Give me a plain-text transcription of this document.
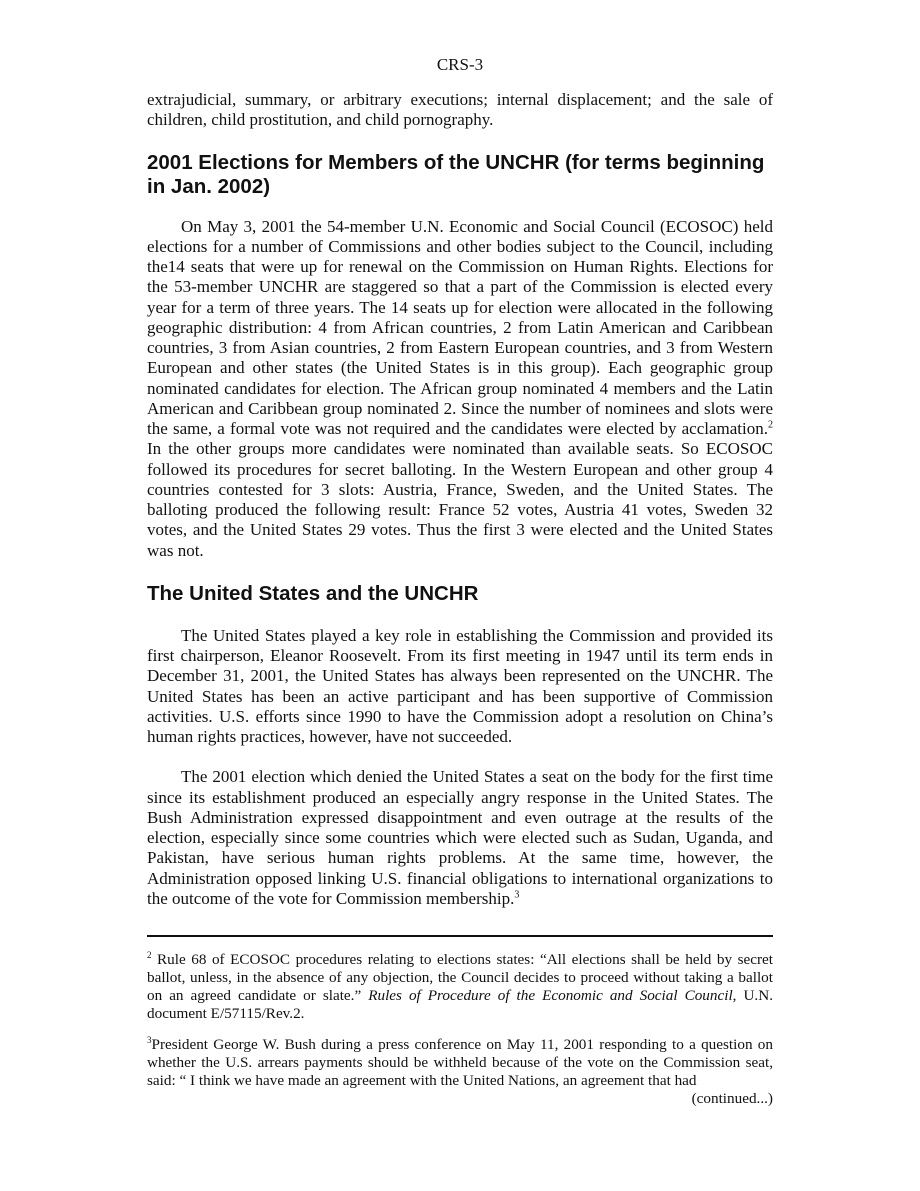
CRS-3

extrajudicial, summary, or arbitrary executions; internal displacement; and the sale of children, child prostitution, and child pornography.

2001 Elections for Members of the UNCHR (for terms beginning in Jan. 2002)

On May 3, 2001 the 54-member U.N. Economic and Social Council (ECOSOC) held elections for a number of Commissions and other bodies subject to the Council, including the14 seats that were up for renewal on the Commission on Human Rights. Elections for the 53-member UNCHR are staggered so that a part of the Commission is elected every year for a term of three years. The 14 seats up for election were allocated in the following geographic distribution: 4 from African countries, 2 from Latin American and Caribbean countries, 3 from Asian countries, 2 from Eastern European countries, and 3 from Western European and other states (the United States is in this group). Each geographic group nominated candidates for election. The African group nominated 4 members and the Latin American and Caribbean group nominated 2. Since the number of nominees and slots were the same, a formal vote was not required and the candidates were elected by acclamation.$^2$ In the other groups more candidates were nominated than available seats. So ECOSOC followed its procedures for secret balloting. In the Western European and other group 4 countries contested for 3 slots: Austria, France, Sweden, and the United States. The balloting produced the following result: France 52 votes, Austria 41 votes, Sweden 32 votes, and the United States 29 votes. Thus the first 3 were elected and the United States was not.

The United States and the UNCHR

The United States played a key role in establishing the Commission and provided its first chairperson, Eleanor Roosevelt. From its first meeting in 1947 until its term ends in December 31, 2001, the United States has always been represented on the UNCHR. The United States has been an active participant and has been supportive of Commission activities. U.S. efforts since 1990 to have the Commission adopt a resolution on China’s human rights practices, however, have not succeeded.

The 2001 election which denied the United States a seat on the body for the first time since its establishment produced an especially angry response in the United States. The Bush Administration expressed disappointment and even outrage at the results of the election, especially since some countries which were elected such as Sudan, Uganda, and Pakistan, have serious human rights problems. At the same time, however, the Administration opposed linking U.S. financial obligations to international organizations to the outcome of the vote for Commission membership.$^3$

$^2$ Rule 68 of ECOSOC procedures relating to elections states: “All elections shall be held by secret ballot, unless, in the absence of any objection, the Council decides to proceed without taking a ballot on an agreed candidate or slate.” Rules of Procedure of the Economic and Social Council, U.N. document E/57115/Rev.2.

$^3$President George W. Bush during a press conference on May 11, 2001 responding to a question on whether the U.S. arrears payments should be withheld because of the vote on the Commission seat, said: “ I think we have made an agreement with the United Nations, an agreement that had
(continued...)
